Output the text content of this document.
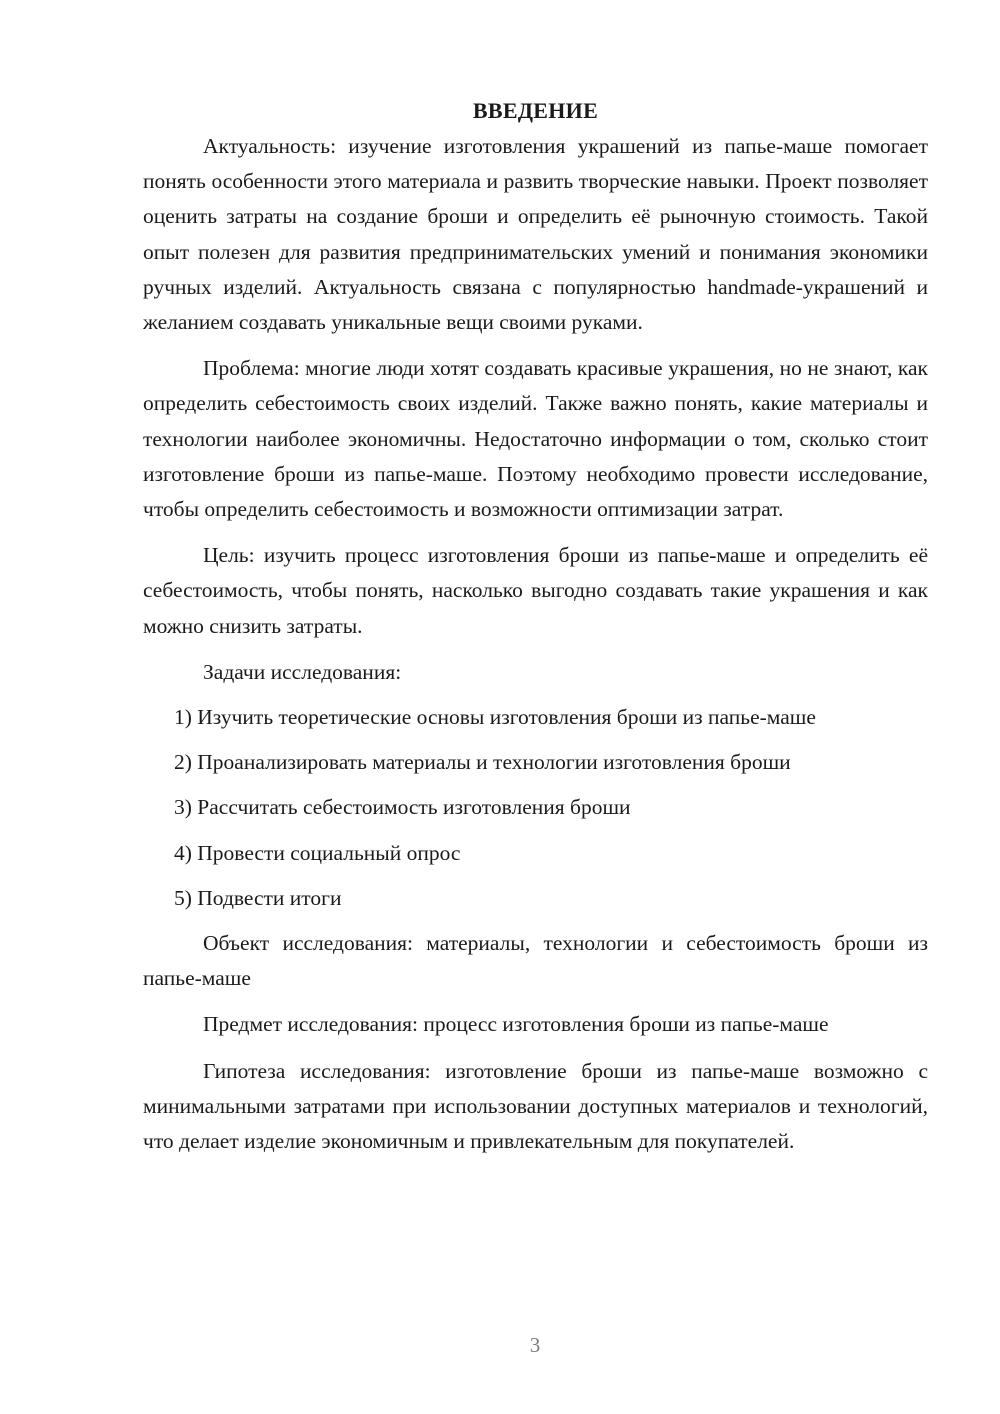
ВВЕДЕНИЕ

Актуальность: изучение изготовления украшений из папье-маше помогает понять особенности этого материала и развить творческие навыки. Проект позволяет оценить затраты на создание броши и определить её рыночную стоимость. Такой опыт полезен для развития предпринимательских умений и понимания экономики ручных изделий. Актуальность связана с популярностью handmade-украшений и желанием создавать уникальные вещи своими руками.

Проблема: многие люди хотят создавать красивые украшения, но не знают, как определить себестоимость своих изделий. Также важно понять, какие материалы и технологии наиболее экономичны. Недостаточно информации о том, сколько стоит изготовление броши из папье-маше. Поэтому необходимо провести исследование, чтобы определить себестоимость и возможности оптимизации затрат.

Цель: изучить процесс изготовления броши из папье-маше и определить её себестоимость, чтобы понять, насколько выгодно создавать такие украшения и как можно снизить затраты.

Задачи исследования:

1) Изучить теоретические основы изготовления броши из папье-маше
2) Проанализировать материалы и технологии изготовления броши
3) Рассчитать себестоимость изготовления броши
4) Провести социальный опрос
5) Подвести итоги

Объект исследования: материалы, технологии и себестоимость броши из папье-маше

Предмет исследования: процесс изготовления броши из папье-маше

Гипотеза исследования: изготовление броши из папье-маше возможно с минимальными затратами при использовании доступных материалов и технологий, что делает изделие экономичным и привлекательным для покупателей.

3
